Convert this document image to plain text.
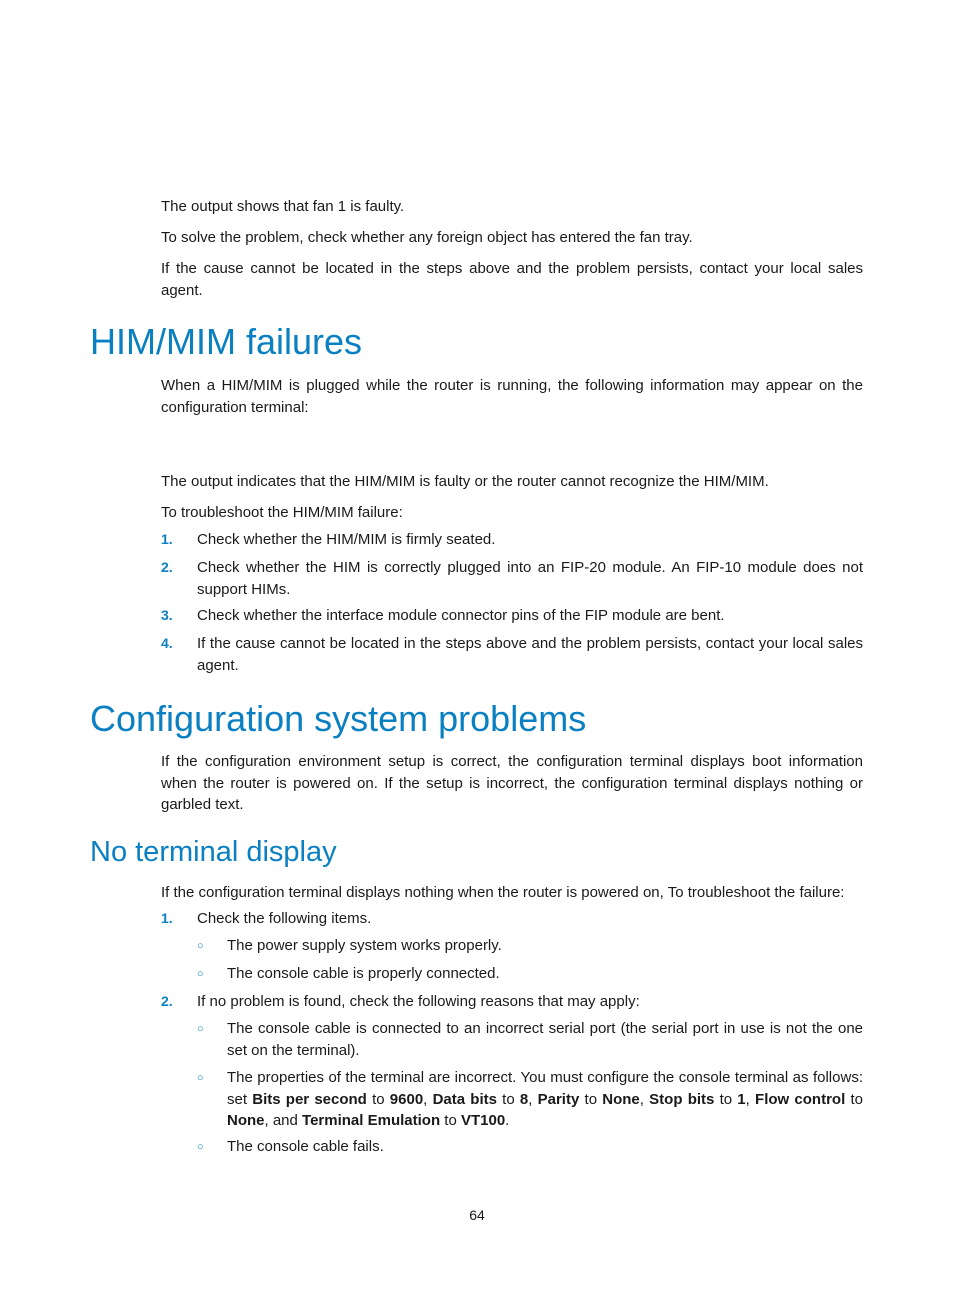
The output shows that fan 1 is faulty.

To solve the problem, check whether any foreign object has entered the fan tray.

If the cause cannot be located in the steps above and the problem persists, contact your local sales agent.

HIM/MIM failures

When a HIM/MIM is plugged while the router is running, the following information may appear on the configuration terminal:

The output indicates that the HIM/MIM is faulty or the router cannot recognize the HIM/MIM.

To troubleshoot the HIM/MIM failure:

1. Check whether the HIM/MIM is firmly seated.

2. Check whether the HIM is correctly plugged into an FIP-20 module. An FIP-10 module does not support HIMs.

3. Check whether the interface module connector pins of the FIP module are bent.

4. If the cause cannot be located in the steps above and the problem persists, contact your local sales agent.

Configuration system problems

If the configuration environment setup is correct, the configuration terminal displays boot information when the router is powered on. If the setup is incorrect, the configuration terminal displays nothing or garbled text.

No terminal display

If the configuration terminal displays nothing when the router is powered on, To troubleshoot the failure:

1. Check the following items.

○ The power supply system works properly.

○ The console cable is properly connected.

2. If no problem is found, check the following reasons that may apply:

○ The console cable is connected to an incorrect serial port (the serial port in use is not the one set on the terminal).

○ The properties of the terminal are incorrect. You must configure the console terminal as follows: set Bits per second to 9600, Data bits to 8, Parity to None, Stop bits to 1, Flow control to None, and Terminal Emulation to VT100.

○ The console cable fails.

64
